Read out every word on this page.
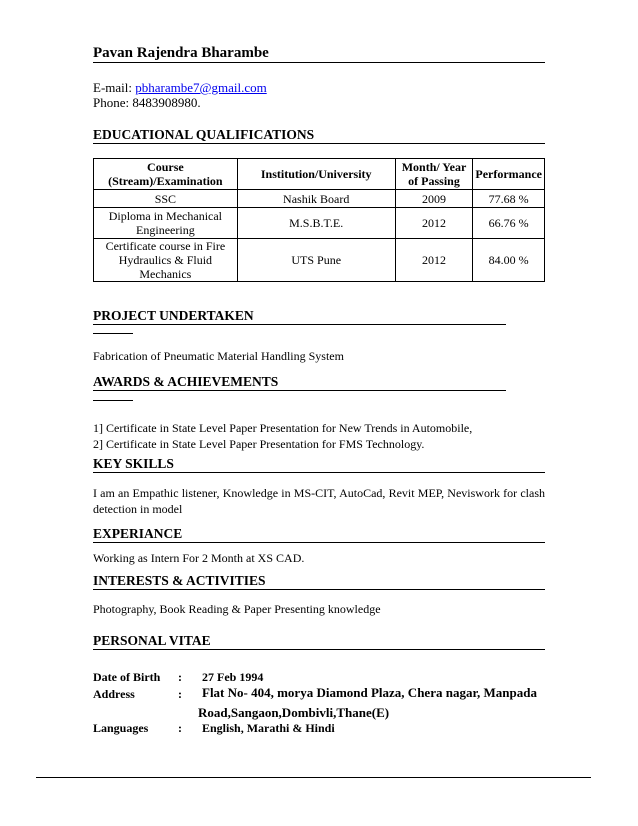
Pavan Rajendra Bharambe
E-mail: pbharambe7@gmail.com
Phone: 8483908980.
EDUCATIONAL QUALIFICATIONS
Course (Stream)/Examination	Institution/University	Month/ Year of Passing	Performance
SSC	Nashik Board	2009	77.68 %
Diploma in Mechanical Engineering	M.S.B.T.E.	2012	66.76 %
Certificate course in Fire Hydraulics & Fluid Mechanics	UTS Pune	2012	84.00 %
PROJECT UNDERTAKEN
Fabrication of Pneumatic Material Handling System
AWARDS & ACHIEVEMENTS
1] Certificate in State Level Paper Presentation for New Trends in Automobile,
2] Certificate in State Level Paper Presentation for FMS Technology.
KEY SKILLS
I am an Empathic listener, Knowledge in MS-CIT, AutoCad, Revit MEP, Neviswork for clash detection in model
EXPERIANCE
Working as Intern For 2 Month at XS CAD.
INTERESTS & ACTIVITIES
Photography, Book Reading & Paper Presenting knowledge
PERSONAL VITAE
Date of Birth : 27 Feb 1994
Address	: Flat No- 404, morya Diamond Plaza, Chera nagar, Manpada
Road,Sangaon,Dombivli,Thane(E)
Languages : English, Marathi & Hindi
